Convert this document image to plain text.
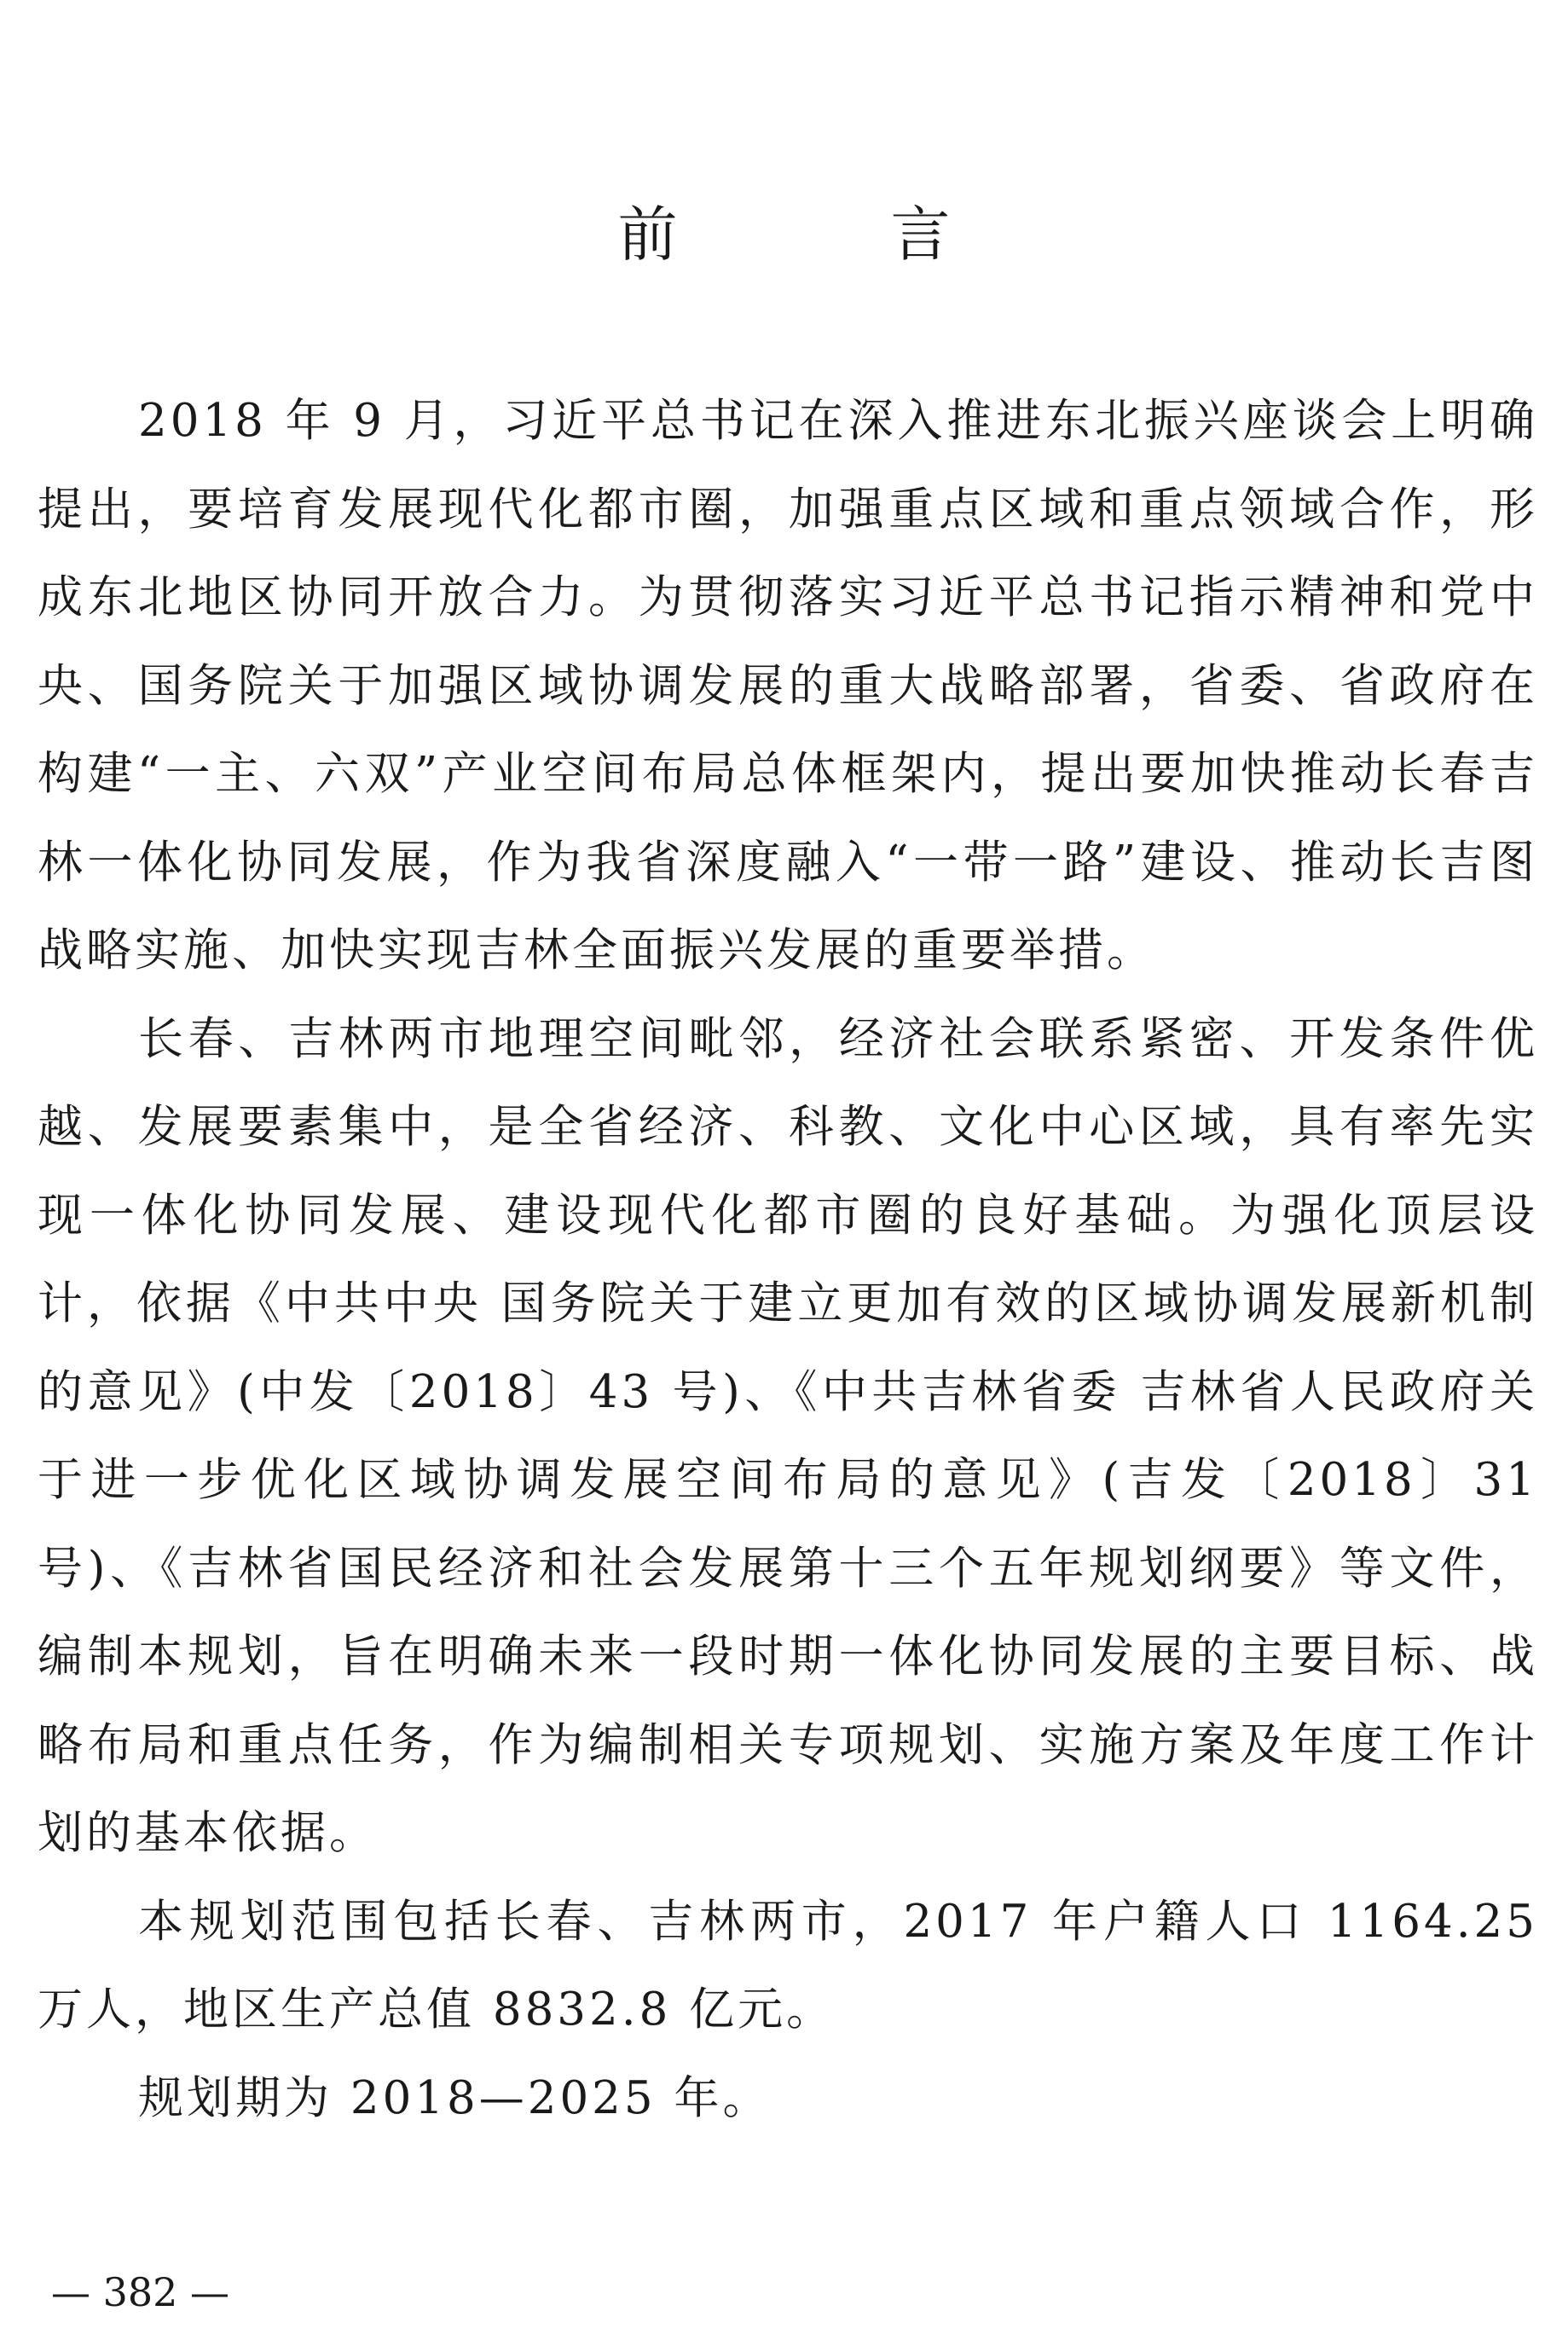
前	言

2018 年 9 月，习近平总书记在深入推进东北振兴座谈会上明确提出，要培育发展现代化都市圈，加强重点区域和重点领域合作，形成东北地区协同开放合力。为贯彻落实习近平总书记指示精神和党中央、国务院关于加强区域协调发展的重大战略部署，省委、省政府在构建“一主、六双”产业空间布局总体框架内，提出要加快推动长春吉林一体化协同发展，作为我省深度融入“一带一路”建设、推动长吉图战略实施、加快实现吉林全面振兴发展的重要举措。

长春、吉林两市地理空间毗邻，经济社会联系紧密、开发条件优越、发展要素集中，是全省经济、科教、文化中心区域，具有率先实现一体化协同发展、建设现代化都市圈的良好基础。为强化顶层设计，依据《中共中央 国务院关于建立更加有效的区域协调发展新机制的意见》(中发〔2018〕43 号)、《中共吉林省委 吉林省人民政府关于进一步优化区域协调发展空间布局的意见》(吉发〔2018〕31 号)、《吉林省国民经济和社会发展第十三个五年规划纲要》等文件，编制本规划，旨在明确未来一段时期一体化协同发展的主要目标、战略布局和重点任务，作为编制相关专项规划、实施方案及年度工作计划的基本依据。

本规划范围包括长春、吉林两市，2017 年户籍人口 1164.25 万人，地区生产总值 8832.8 亿元。

规划期为 2018—2025 年。

— 382 —
